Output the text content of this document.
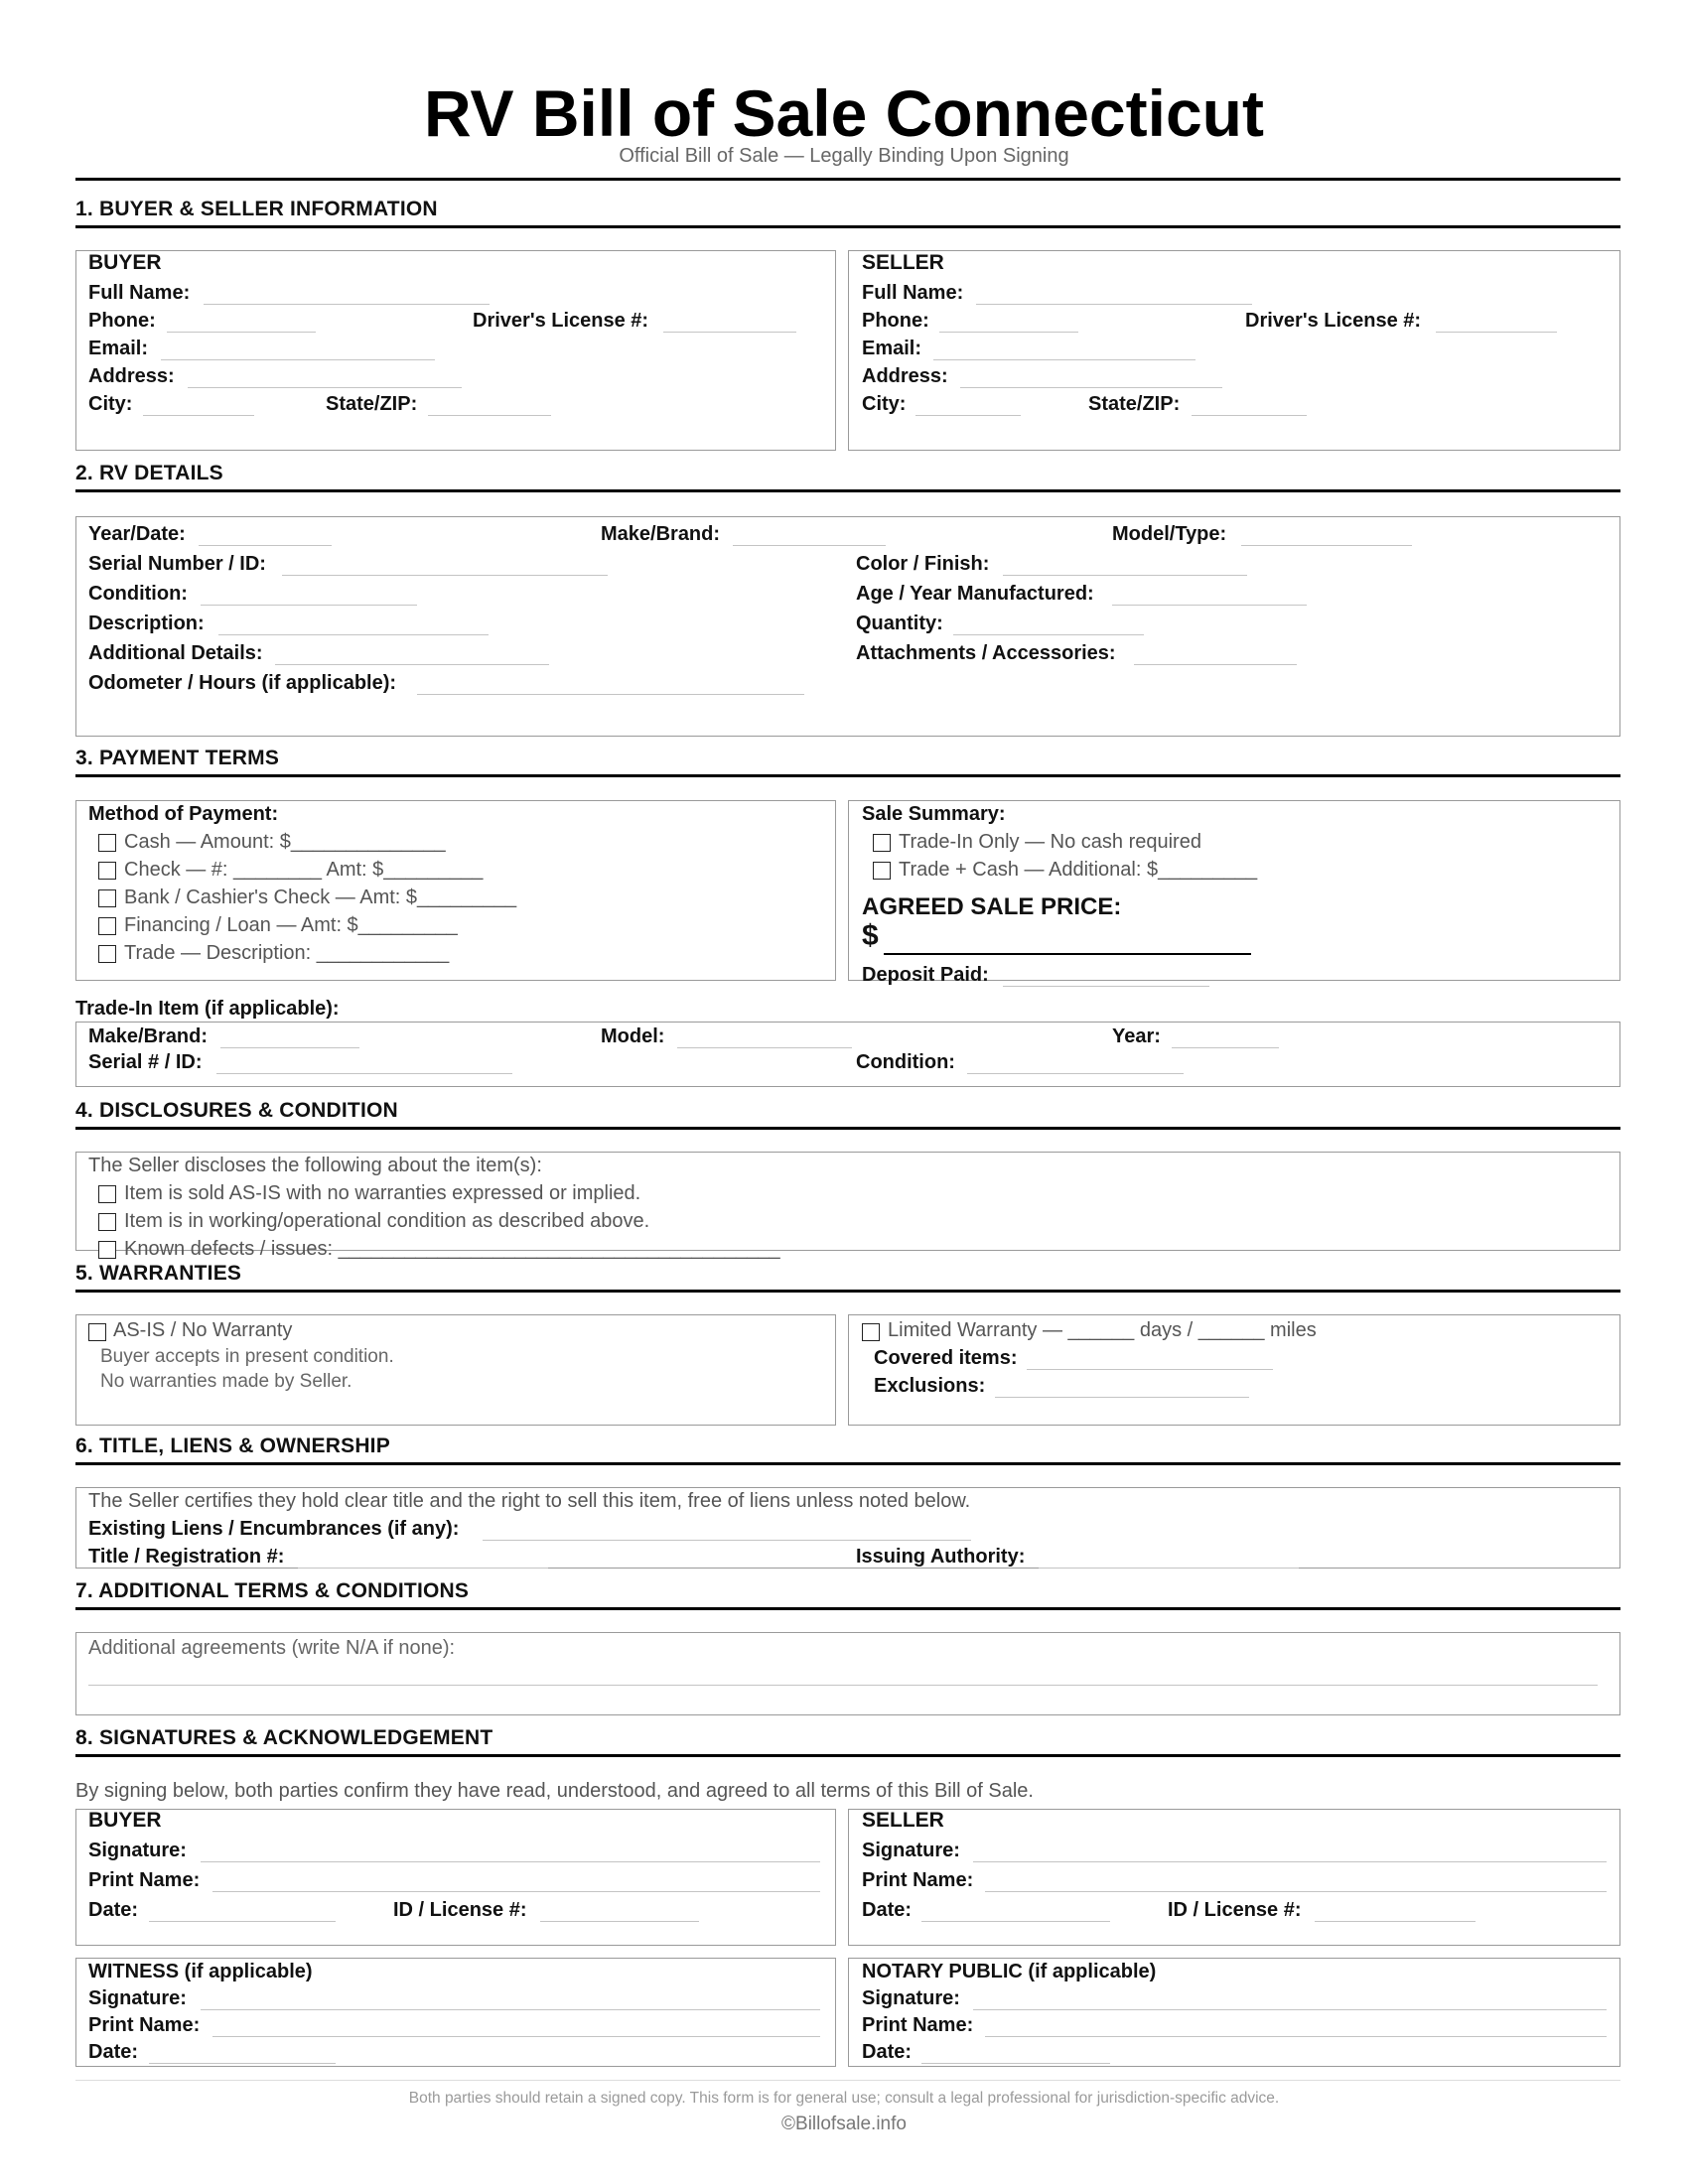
RV Bill of Sale Connecticut
Official Bill of Sale — Legally Binding Upon Signing
1. BUYER & SELLER INFORMATION
BUYER
Full Name:
Phone:	Driver's License #:
Email:
Address:
City:	State/ZIP:
SELLER
Full Name:
Phone:	Driver's License #:
Email:
Address:
City:	State/ZIP:
2. RV DETAILS
Year/Date:	Make/Brand:	Model/Type:
Serial Number / ID:	Color / Finish:
Condition:	Age / Year Manufactured:
Description:	Quantity:
Additional Details:	Attachments / Accessories:
Odometer / Hours (if applicable):
3. PAYMENT TERMS
Method of Payment:
Cash — Amount: $______________
Check — #: ________ Amt: $_________
Bank / Cashier's Check — Amt: $_________
Financing / Loan — Amt: $_________
Trade — Description: ____________
Sale Summary:
Trade-In Only — No cash required
Trade + Cash — Additional: $_________
AGREED SALE PRICE:
$
Deposit Paid:
Trade-In Item (if applicable):
Make/Brand:	Model:	Year:
Serial # / ID:	Condition:
4. DISCLOSURES & CONDITION
The Seller discloses the following about the item(s):
Item is sold AS-IS with no warranties expressed or implied.
Item is in working/operational condition as described above.
Known defects / issues: ________________________________________
5. WARRANTIES
AS-IS / No Warranty
Buyer accepts in present condition.
No warranties made by Seller.
Limited Warranty — ______ days / ______ miles
Covered items:
Exclusions:
6. TITLE, LIENS & OWNERSHIP
The Seller certifies they hold clear title and the right to sell this item, free of liens unless noted below.
Existing Liens / Encumbrances (if any):
Title / Registration #:	Issuing Authority:
7. ADDITIONAL TERMS & CONDITIONS
Additional agreements (write N/A if none):
8. SIGNATURES & ACKNOWLEDGEMENT
By signing below, both parties confirm they have read, understood, and agreed to all terms of this Bill of Sale.
BUYER
Signature:
Print Name:
Date:	ID / License #:
SELLER
Signature:
Print Name:
Date:	ID / License #:
WITNESS (if applicable)
Signature:
Print Name:
Date:
NOTARY PUBLIC (if applicable)
Signature:
Print Name:
Date:
Both parties should retain a signed copy. This form is for general use; consult a legal professional for jurisdiction-specific advice.
©Billofsale.info
